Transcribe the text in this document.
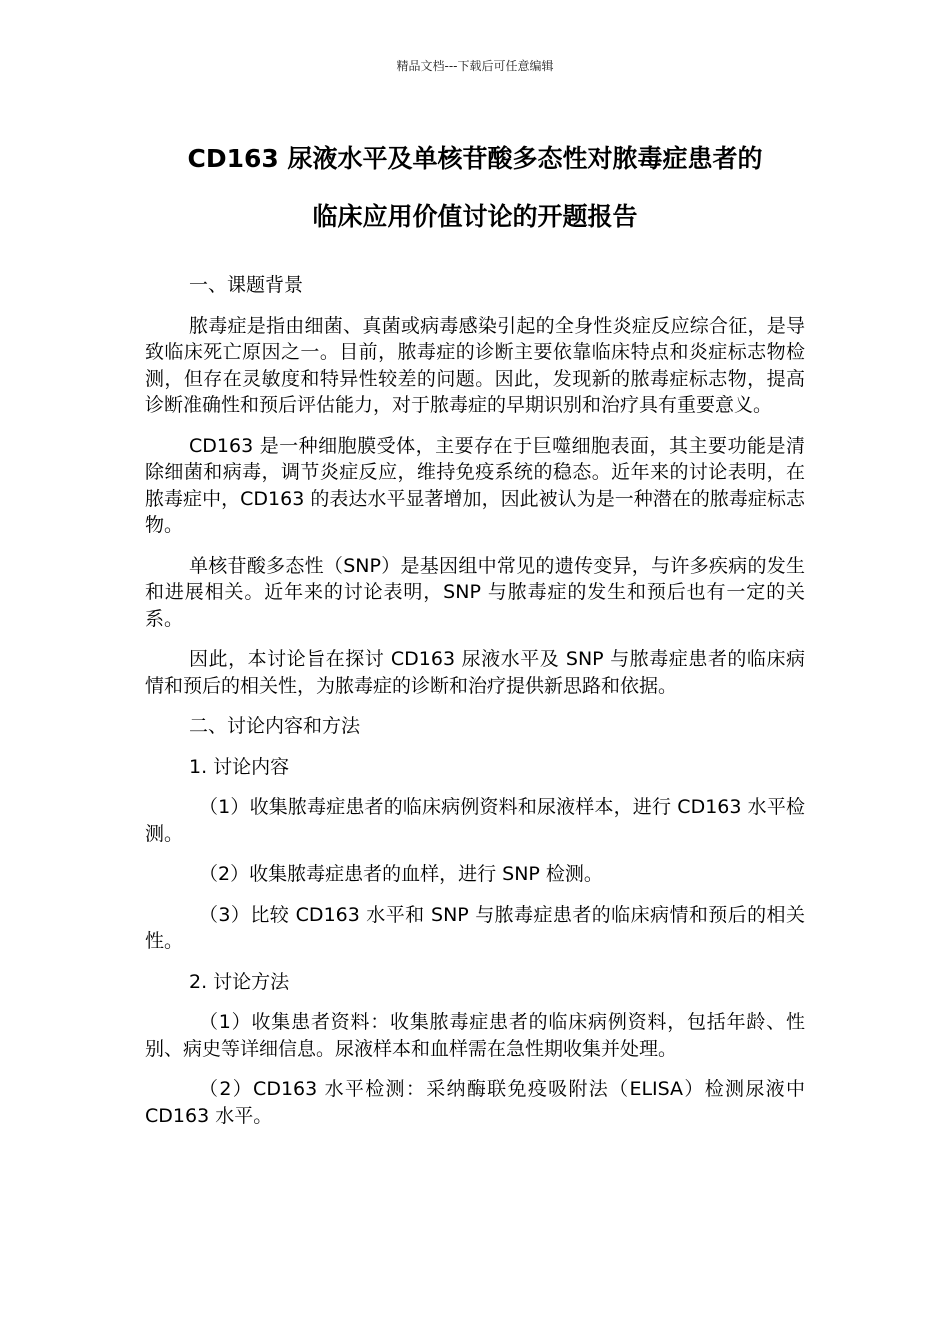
精品文档---下载后可任意编辑
CD163 尿液水平及单核苷酸多态性对脓毒症患者的
临床应用价值讨论的开题报告

一、课题背景

脓毒症是指由细菌、真菌或病毒感染引起的全身性炎症反应综合征，是导致临床死亡原因之一。目前，脓毒症的诊断主要依靠临床特点和炎症标志物检测，但存在灵敏度和特异性较差的问题。因此，发现新的脓毒症标志物，提高诊断准确性和预后评估能力，对于脓毒症的早期识别和治疗具有重要意义。

CD163 是一种细胞膜受体，主要存在于巨噬细胞表面，其主要功能是清除细菌和病毒，调节炎症反应，维持免疫系统的稳态。近年来的讨论表明，在脓毒症中，CD163 的表达水平显著增加，因此被认为是一种潜在的脓毒症标志物。

单核苷酸多态性（SNP）是基因组中常见的遗传变异，与许多疾病的发生和进展相关。近年来的讨论表明，SNP 与脓毒症的发生和预后也有一定的关系。

因此，本讨论旨在探讨 CD163 尿液水平及 SNP 与脓毒症患者的临床病情和预后的相关性，为脓毒症的诊断和治疗提供新思路和依据。

二、讨论内容和方法

1. 讨论内容

（1）收集脓毒症患者的临床病例资料和尿液样本，进行 CD163 水平检测。

（2）收集脓毒症患者的血样，进行 SNP 检测。

（3）比较 CD163 水平和 SNP 与脓毒症患者的临床病情和预后的相关性。

2. 讨论方法

（1）收集患者资料：收集脓毒症患者的临床病例资料，包括年龄、性别、病史等详细信息。尿液样本和血样需在急性期收集并处理。

（2）CD163 水平检测：采纳酶联免疫吸附法（ELISA）检测尿液中 CD163 水平。
